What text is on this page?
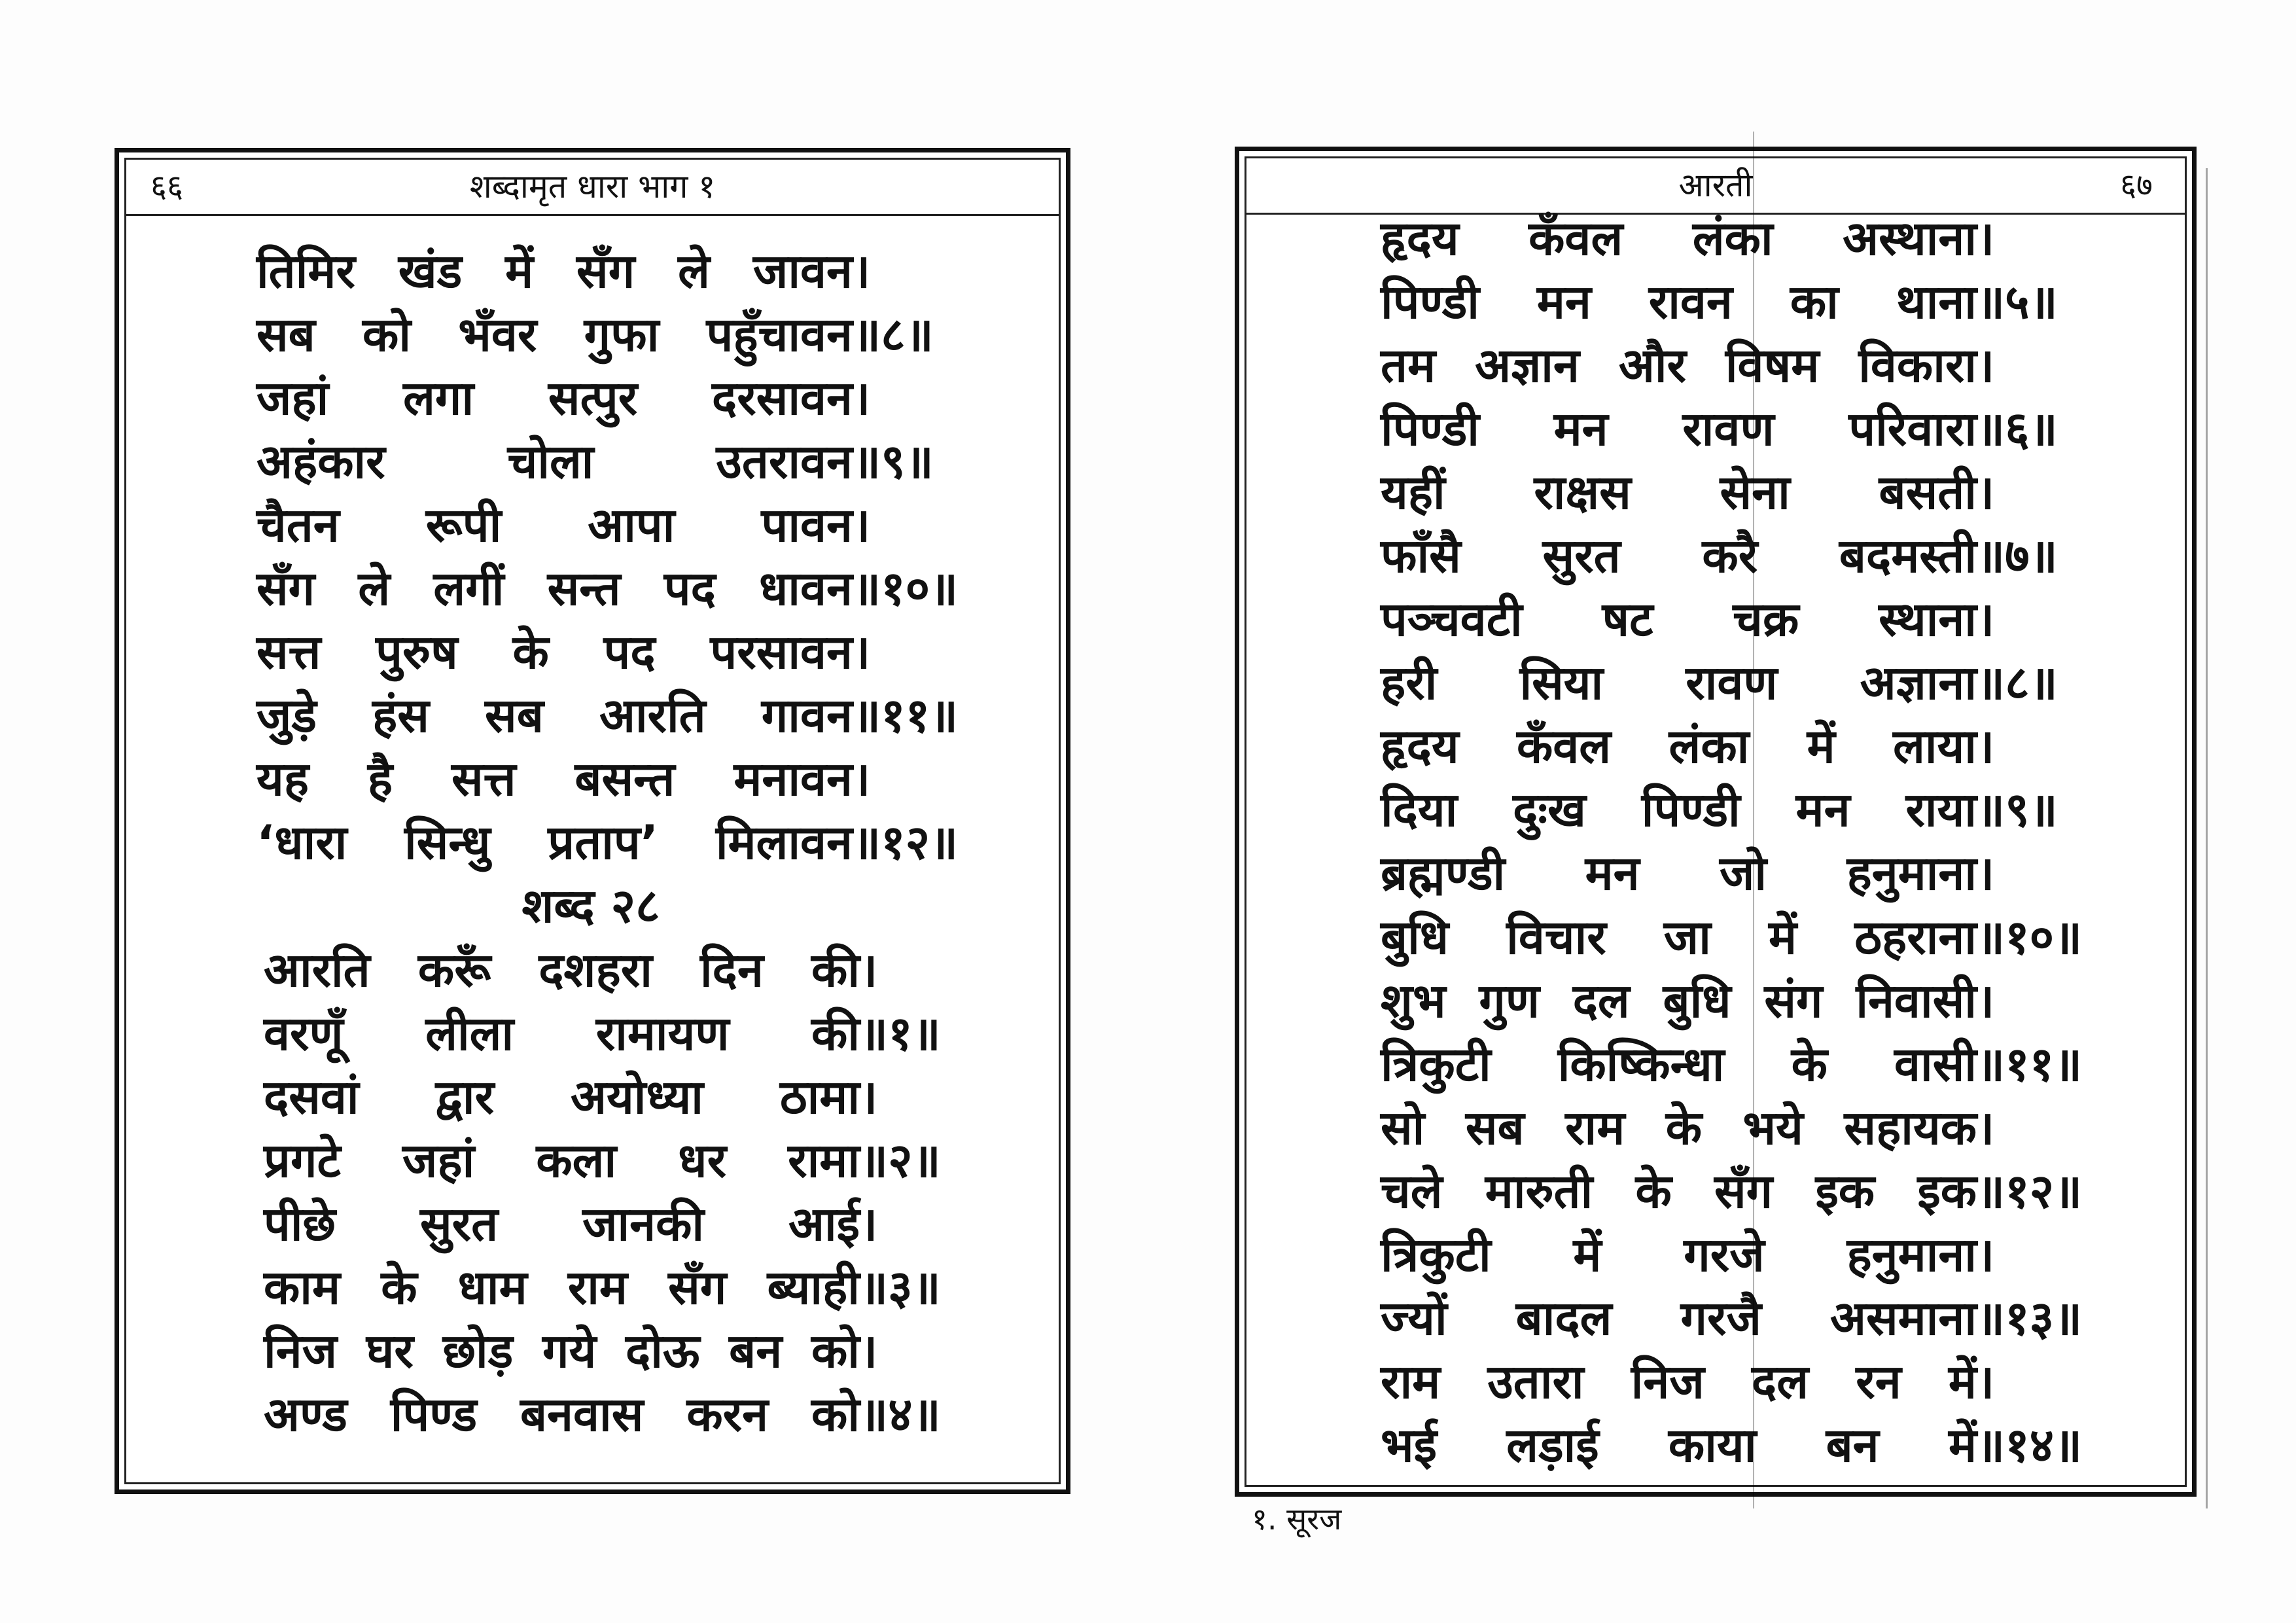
६६	शब्दामृत धारा भाग १
तिमिर खंड में सँग ले जावन ।
सब को भँवर गुफा पहुँचावन ॥८॥
जहां लगा सत्पुर दरसावन ।
अहंकार	चोला	उतरावन ॥९॥
चैतन रूपी आपा पावन ।
सँग ले लगीं सन्त पद धावन ॥१०॥
सत्त पुरुष के पद परसावन ।
जुड़े हंस सब आरति गावन ॥११॥
यह है सत्त बसन्त मनावन ।
‘धारा सिन्धु प्रताप’ मिलावन ॥१२॥
शब्द २८
आरति करूँ दशहरा दिन की ।
वरणूँ लीला रामायण की ॥१॥
दसवां द्वार अयोध्या ठामा ।
प्रगटे जहां कला धर रामा ॥२॥
पीछे सुरत जानकी आई ।
काम के धाम राम सँग ब्याही ॥३॥
निज घर छोड़ गये दोऊ बन को ।
अण्ड पिण्ड बनवास करन को ॥४॥
आरती	६७
हृदय कँवल लंका अस्थाना ।
पिण्डी मन रावन का थाना ॥५॥
तम अज्ञान और विषम विकारा ।
पिण्डी मन रावण परिवारा ॥६॥
यहीं राक्षस सेना बसती ।
फाँसै सुरत करै बदमस्ती ॥७॥
पञ्चवटी षट चक्र स्थाना ।
हरी सिया रावण अज्ञाना ॥८॥
हृदय कँवल लंका में लाया ।
दिया दुःख पिण्डी मन राया ॥९॥
ब्रह्मण्डी मन जो हनुमाना ।
बुधि विचार जा में ठहराना ॥१०॥
शुभ गुण दल बुधि संग निवासी ।
त्रिकुटी किष्किन्धा के वासी ॥११॥
सो सब राम के भये सहायक ।
चले मारुती के सँग इक इक ॥१२॥
त्रिकुटी में गरजे हनुमाना ।
ज्यों बादल गरजै असमाना ॥१३॥
राम उतारा निज दल रन में ।
भई लड़ाई काया बन में ॥१४॥
१. सूरज
